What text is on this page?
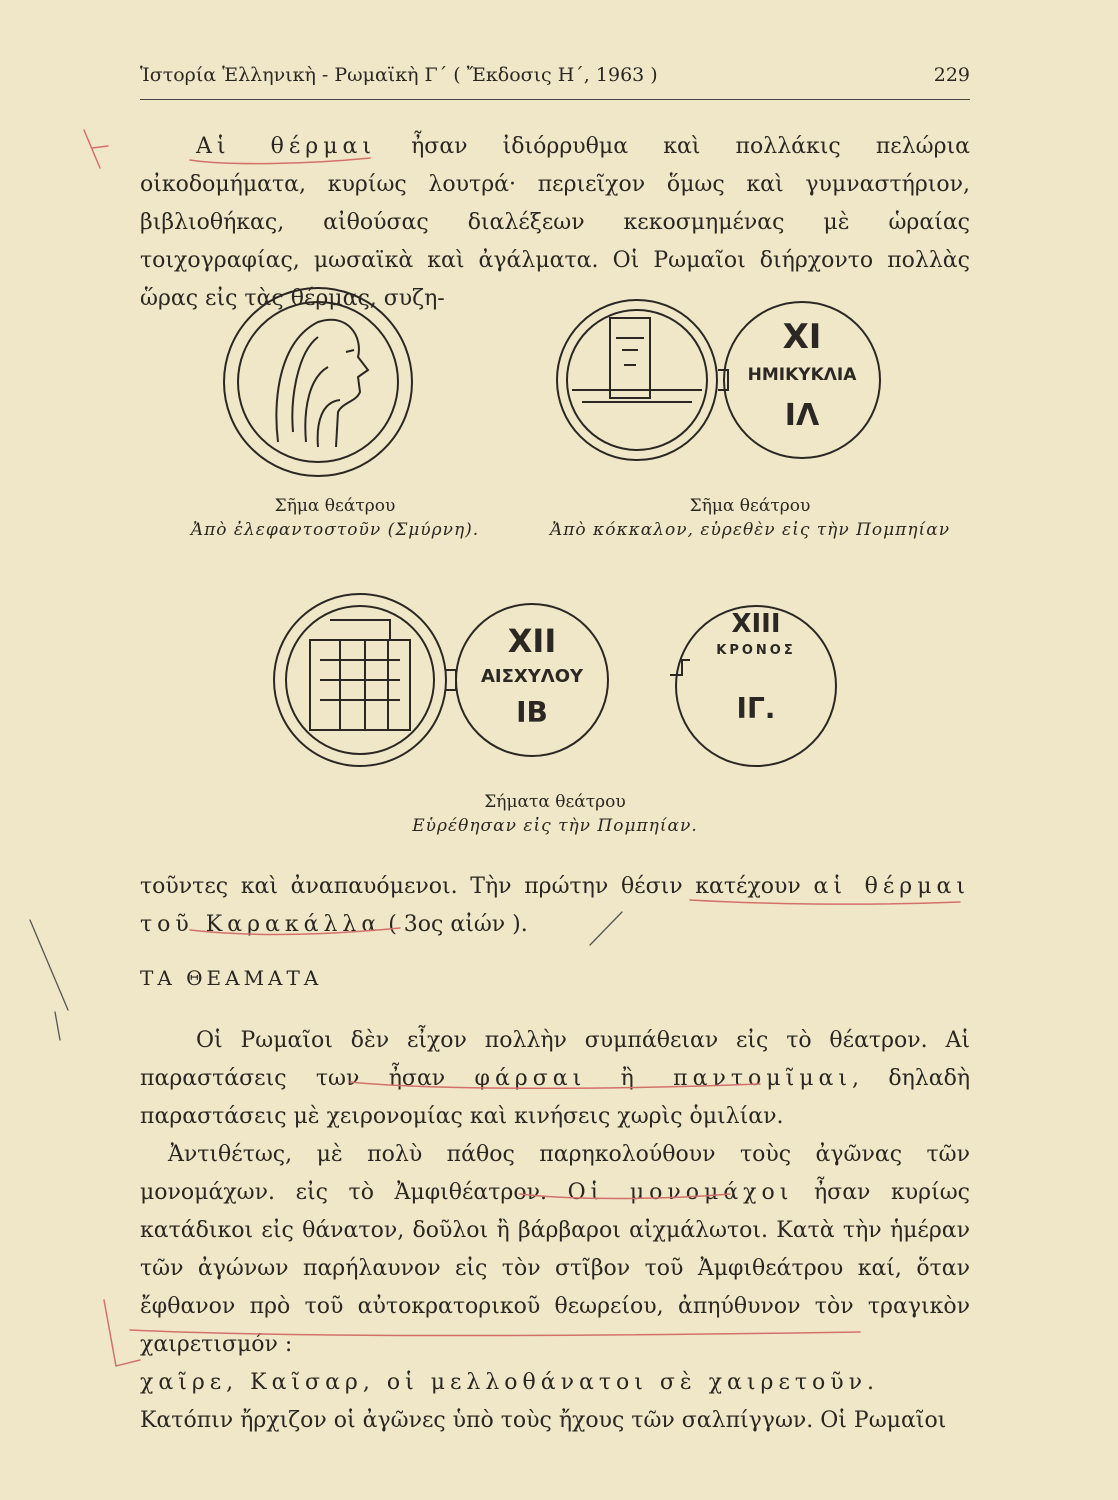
Ἱστορία Ἑλληνικὴ - Ρωμαϊκὴ Γ΄ ( Ἔκδοσις Η΄, 1963 )	229

Αἱ θέρμαι ἦσαν ἰδιόρρυθμα καὶ πολλάκις πελώρια οἰκοδομήματα, κυρίως λουτρά· περιεῖχον ὅμως καὶ γυμναστήριον, βιβλιοθήκας, αἰθούσας διαλέξεων κεκοσμημένας μὲ ὡραίας τοιχογραφίας, μωσαϊκὰ καὶ ἀγάλματα. Οἱ Ρωμαῖοι διήρχοντο πολλὰς ὥρας εἰς τὰς θέρμας, συζη-

XI
ΗΜΙΚΥΚΛΙΑ
ΙΛ
Σῆμα θεάτρου
Ἀπὸ ἐλεφαντοστοῦν (Σμύρνη).
Σῆμα θεάτρου
Ἀπὸ κόκκαλον, εὑρεθὲν εἰς τὴν Πομπηίαν
XII
ΑΙΣΧΥΛΟΥ
ΙΒ
XIII
ΚΡΟΝΟΣ
ΙΓ.
Σήματα θεάτρου
Εὑρέθησαν εἰς τὴν Πομπηίαν.

τοῦντες καὶ ἀναπαυόμενοι. Τὴν πρώτην θέσιν κατέχουν αἱ θέρμαι τοῦ Καρακάλλα ( 3ος αἰών ).

ΤΑ ΘΕΑΜΑΤΑ

Οἱ Ρωμαῖοι δὲν εἶχον πολλὴν συμπάθειαν εἰς τὸ θέατρον. Αἱ παραστάσεις των ἦσαν φάρσαι ἢ παντομῖμαι, δηλαδὴ παραστάσεις μὲ χειρονομίας καὶ κινήσεις χωρὶς ὁμιλίαν.

Ἀντιθέτως, μὲ πολὺ πάθος παρηκολούθουν τοὺς ἀγῶνας τῶν μονομάχων. εἰς τὸ Ἀμφιθέατρον. Οἱ μονομάχοι ἦσαν κυρίως κατάδικοι εἰς θάνατον, δοῦλοι ἢ βάρβαροι αἰχμάλωτοι. Κατὰ τὴν ἡμέραν τῶν ἀγώνων παρήλαυνον εἰς τὸν στῖβον τοῦ Ἀμφιθεάτρου καί, ὅταν ἔφθανον πρὸ τοῦ αὐτοκρατορικοῦ θεωρείου, ἀπηύθυνον τὸν τραγικὸν χαιρετισμόν :
χαῖρε, Καῖσαρ, οἱ μελλοθάνατοι σὲ χαιρετοῦν.
Κατόπιν ἤρχιζον οἱ ἀγῶνες ὑπὸ τοὺς ἤχους τῶν σαλπίγγων. Οἱ Ρωμαῖοι
